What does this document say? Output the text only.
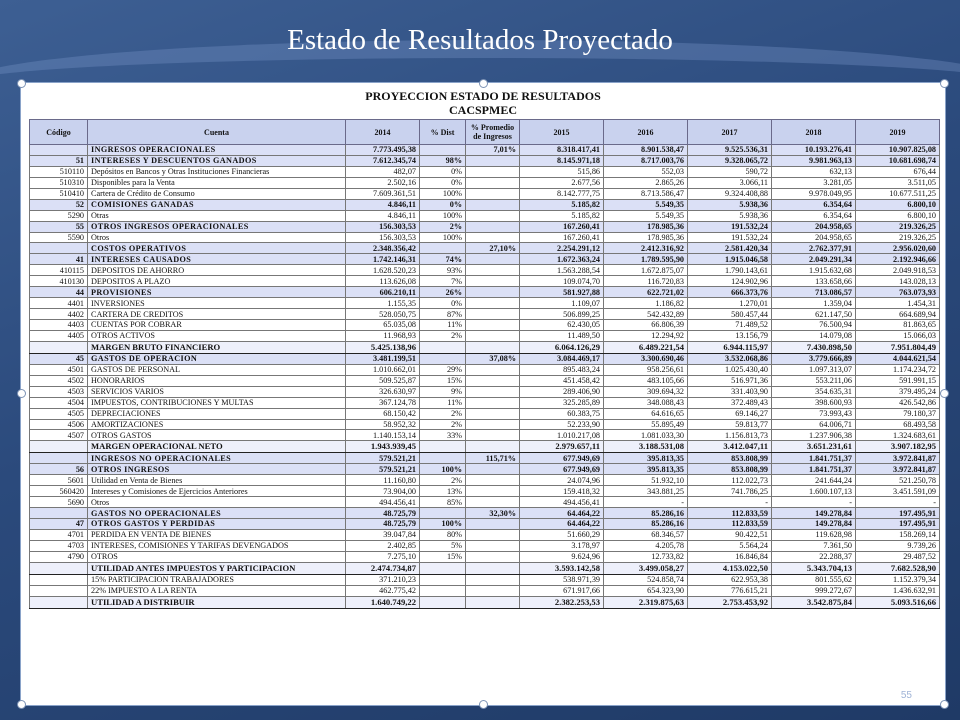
Estado de Resultados Proyectado
PROYECCION ESTADO DE RESULTADOS
CACSPMEC
Código	Cuenta	2014	% Dist	% Promedio de Ingresos	2015	2016	2017	2018	2019
	INGRESOS OPERACIONALES	7.773.495,38		7,01%	8.318.417,41	8.901.538,47	9.525.536,31	10.193.276,41	10.907.825,08
51	INTERESES Y DESCUENTOS GANADOS	7.612.345,74	98%		8.145.971,18	8.717.003,76	9.328.065,72	9.981.963,13	10.681.698,74
510110	Depósitos en Bancos y Otras Instituciones Financieras	482,07	0%		515,86	552,03	590,72	632,13	676,44
510310	Disponibles para la Venta	2.502,16	0%		2.677,56	2.865,26	3.066,11	3.281,05	3.511,05
510410	Cartera de Crédito de Consumo	7.609.361,51	100%		8.142.777,75	8.713.586,47	9.324.408,88	9.978.049,95	10.677.511,25
52	COMISIONES GANADAS	4.846,11	0%		5.185,82	5.549,35	5.938,36	6.354,64	6.800,10
5290	Otras	4.846,11	100%		5.185,82	5.549,35	5.938,36	6.354,64	6.800,10
55	OTROS INGRESOS OPERACIONALES	156.303,53	2%		167.260,41	178.985,36	191.532,24	204.958,65	219.326,25
5590	Otros	156.303,53	100%		167.260,41	178.985,36	191.532,24	204.958,65	219.326,25
	COSTOS OPERATIVOS	2.348.356,42		27,10%	2.254.291,12	2.412.316,92	2.581.420,34	2.762.377,91	2.956.020,60
41	INTERESES CAUSADOS	1.742.146,31	74%		1.672.363,24	1.789.595,90	1.915.046,58	2.049.291,34	2.192.946,66
410115	DEPOSITOS DE AHORRO	1.628.520,23	93%		1.563.288,54	1.672.875,07	1.790.143,61	1.915.632,68	2.049.918,53
410130	DEPOSITOS A PLAZO	113.626,08	7%		109.074,70	116.720,83	124.902,96	133.658,66	143.028,13
44	PROVISIONES	606.210,11	26%		581.927,88	622.721,02	666.373,76	713.086,57	763.073,93
4401	INVERSIONES	1.155,35	0%		1.109,07	1.186,82	1.270,01	1.359,04	1.454,31
4402	CARTERA DE CREDITOS	528.050,75	87%		506.899,25	542.432,89	580.457,44	621.147,50	664.689,94
4403	CUENTAS POR COBRAR	65.035,08	11%		62.430,05	66.806,39	71.489,52	76.500,94	81.863,65
4405	OTROS ACTIVOS	11.968,93	2%		11.489,50	12.294,92	13.156,79	14.079,08	15.066,03
	MARGEN BRUTO FINANCIERO	5.425.138,96			6.064.126,29	6.489.221,54	6.944.115,97	7.430.898,50	7.951.804,49
45	GASTOS DE OPERACION	3.481.199,51		37,08%	3.084.469,17	3.300.690,46	3.532.068,86	3.779.666,89	4.044.621,54
4501	GASTOS DE PERSONAL	1.010.662,01	29%		895.483,24	958.256,61	1.025.430,40	1.097.313,07	1.174.234,72
4502	HONORARIOS	509.525,87	15%		451.458,42	483.105,66	516.971,36	553.211,06	591.991,15
4503	SERVICIOS VARIOS	326.630,97	9%		289.406,90	309.694,32	331.403,90	354.635,31	379.495,24
4504	IMPUESTOS, CONTRIBUCIONES Y MULTAS	367.124,78	11%		325.285,89	348.088,43	372.489,43	398.600,93	426.542,86
4505	DEPRECIACIONES	68.150,42	2%		60.383,75	64.616,65	69.146,27	73.993,43	79.180,37
4506	AMORTIZACIONES	58.952,32	2%		52.233,90	55.895,49	59.813,77	64.006,71	68.493,58
4507	OTROS GASTOS	1.140.153,14	33%		1.010.217,08	1.081.033,30	1.156.813,73	1.237.906,38	1.324.683,61
	MARGEN OPERACIONAL NETO	1.943.939,45			2.979.657,11	3.188.531,08	3.412.047,11	3.651.231,61	3.907.182,95
	INGRESOS NO OPERACIONALES	579.521,21		115,71%	677.949,69	395.813,35	853.808,99	1.841.751,37	3.972.841,87
56	OTROS INGRESOS	579.521,21	100%		677.949,69	395.813,35	853.808,99	1.841.751,37	3.972.841,87
5601	Utilidad en Venta de Bienes	11.160,80	2%		24.074,96	51.932,10	112.022,73	241.644,24	521.250,78
560420	Intereses y Comisiones de Ejercicios Anteriores	73.904,00	13%		159.418,32	343.881,25	741.786,25	1.600.107,13	3.451.591,09
5690	Otros	494.456,41	85%		494.456,41	-	-	-	-
	GASTOS NO OPERACIONALES	48.725,79		32,30%	64.464,22	85.286,16	112.833,59	149.278,84	197.495,91
47	OTROS GASTOS Y PERDIDAS	48.725,79	100%		64.464,22	85.286,16	112.833,59	149.278,84	197.495,91
4701	PERDIDA EN VENTA DE BIENES	39.047,84	80%		51.660,29	68.346,57	90.422,51	119.628,98	158.269,14
4703	INTERESES, COMISIONES Y TARIFAS DEVENGADOS	2.402,85	5%		3.178,97	4.205,78	5.564,24	7.361,50	9.739,26
4790	OTROS	7.275,10	15%		9.624,96	12.733,82	16.846,84	22.288,37	29.487,52
	UTILIDAD ANTES IMPUESTOS Y PARTICIPACION	2.474.734,87			3.593.142,58	3.499.058,27	4.153.022,50	5.343.704,13	7.682.528,90
	15% PARTICIPACION TRABAJADORES	371.210,23			538.971,39	524.858,74	622.953,38	801.555,62	1.152.379,34
	22% IMPUESTO A LA RENTA	462.775,42			671.917,66	654.323,90	776.615,21	999.272,67	1.436.632,91
	UTILIDAD A DISTRIBUIR	1.640.749,22			2.382.253,53	2.319.875,63	2.753.453,92	3.542.875,84	5.093.516,66
55
